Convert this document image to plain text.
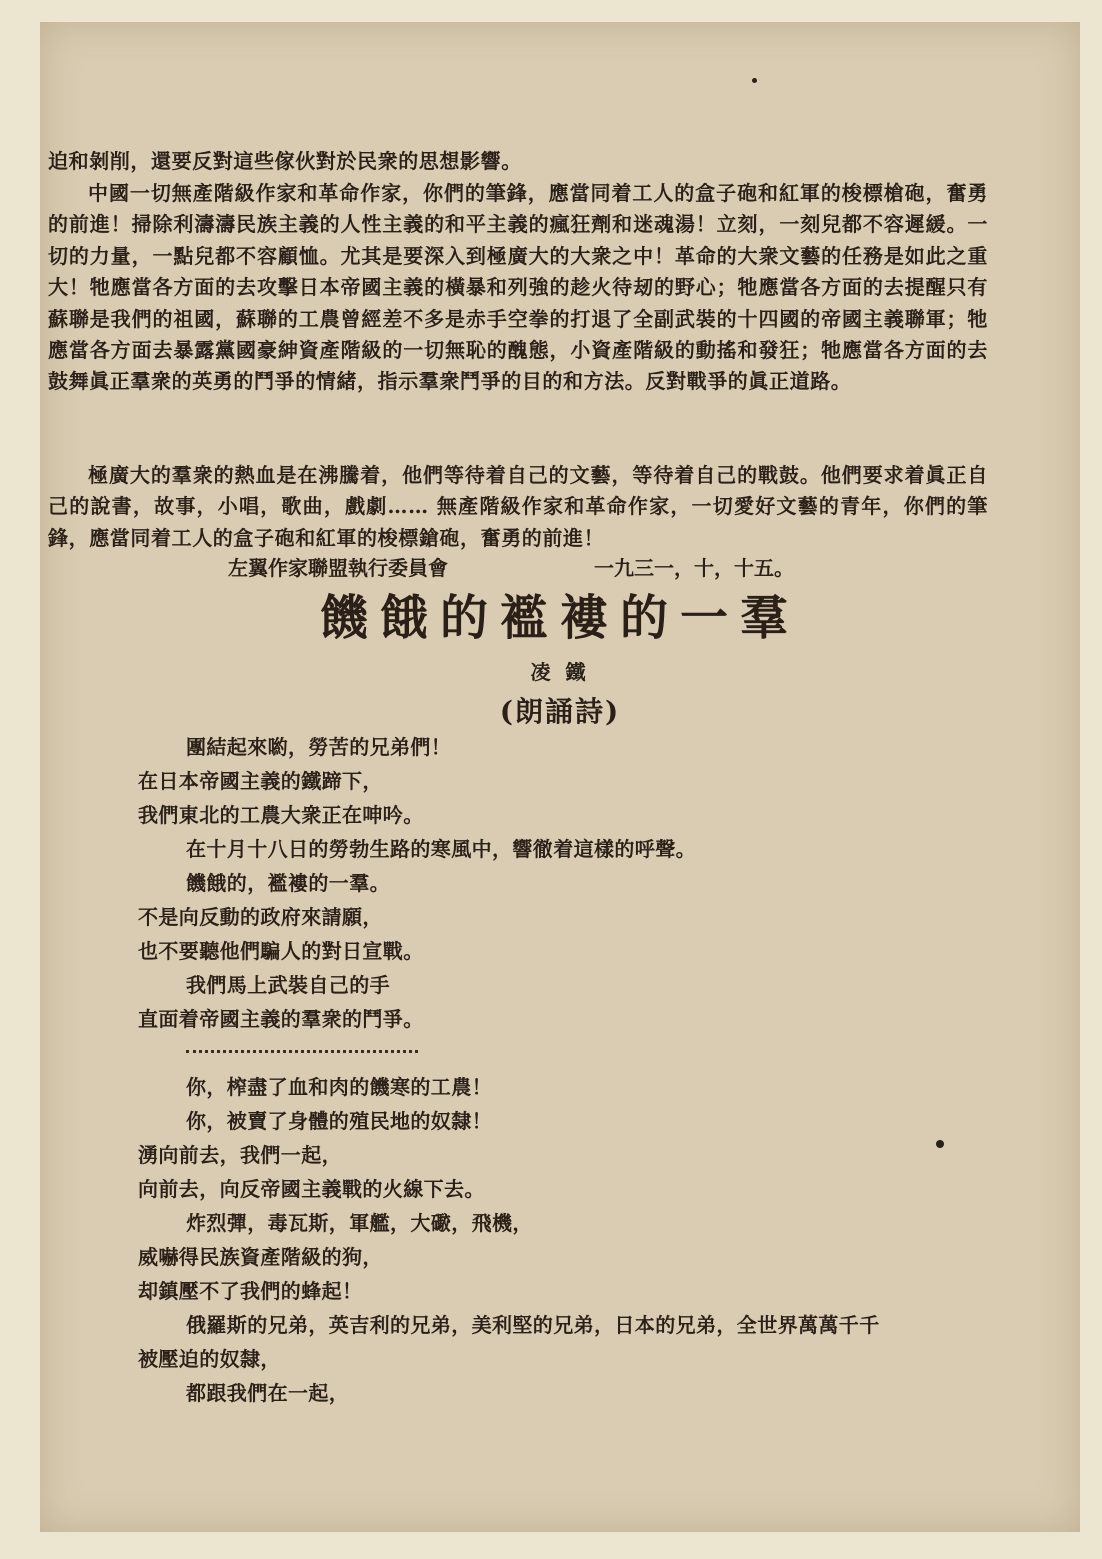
迫和剝削，還要反對這些傢伙對於民衆的思想影響。

中國一切無產階級作家和革命作家，你們的筆鋒，應當同着工人的盒子砲和紅軍的梭標槍砲，奮勇的前進！掃除利濤濤民族主義的人性主義的和平主義的瘋狂劑和迷魂湯！立刻，一刻兒都不容遲緩。一切的力量，一點兒都不容顧恤。尤其是要深入到極廣大的大衆之中！革命的大衆文藝的任務是如此之重大！牠應當各方面的去攻擊日本帝國主義的橫暴和列強的趁火待刼的野心；牠應當各方面的去提醒只有蘇聯是我們的祖國，蘇聯的工農曾經差不多是赤手空拳的打退了全副武裝的十四國的帝國主義聯軍；牠應當各方面去暴露黨國豪紳資產階級的一切無恥的醜態，小資產階級的動搖和發狂；牠應當各方面的去鼓舞眞正羣衆的英勇的鬥爭的情緒，指示羣衆鬥爭的目的和方法。反對戰爭的眞正道路。

極廣大的羣衆的熱血是在沸騰着，他們等待着自己的文藝，等待着自己的戰鼓。他們要求着眞正自己的說書，故事，小唱，歌曲，戲劇…… 無產階級作家和革命作家，一切愛好文藝的青年，你們的筆鋒，應當同着工人的盒子砲和紅軍的梭標鎗砲，奮勇的前進！

左翼作家聯盟執行委員會	一九三一，十，十五。
饑餓的襤褸的一羣
凌 鐵
(朗誦詩)
團結起來喲，勞苦的兄弟們！
在日本帝國主義的鐵蹄下，
我們東北的工農大衆正在呻吟。
在十月十八日的勞勃生路的寒風中，響徹着這樣的呼聲。
饑餓的，襤褸的一羣。
不是向反動的政府來請願，
也不要聽他們騙人的對日宣戰。
我們馬上武裝自己的手
直面着帝國主義的羣衆的鬥爭。
你，榨盡了血和肉的饑寒的工農！
你，被賣了身體的殖民地的奴隸！
湧向前去，我們一起，
向前去，向反帝國主義戰的火線下去。
炸烈彈，毒瓦斯，軍艦，大礮，飛機，
威嚇得民族資產階級的狗，
却鎮壓不了我們的蜂起！
俄羅斯的兄弟，英吉利的兄弟，美利堅的兄弟，日本的兄弟，全世界萬萬千千
被壓迫的奴隸，
都跟我們在一起，
